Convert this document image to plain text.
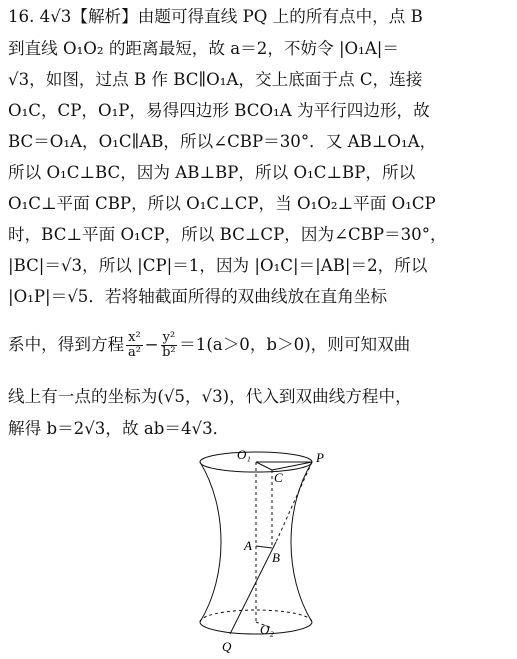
16. 4√3【解析】由题可得直线 PQ 上的所有点中，点 B
到直线 O₁O₂ 的距离最短，故 a＝2，不妨令 |O₁A|＝
√3，如图，过点 B 作 BC∥O₁A，交上底面于点 C，连接
O₁C，CP，O₁P，易得四边形 BCO₁A 为平行四边形，故
BC＝O₁A，O₁C∥AB，所以∠CBP＝30°．又 AB⊥O₁A，
所以 O₁C⊥BC，因为 AB⊥BP，所以 O₁C⊥BP，所以
O₁C⊥平面 CBP，所以 O₁C⊥CP，当 O₁O₂⊥平面 O₁CP
时，BC⊥平面 O₁CP，所以 BC⊥CP，因为∠CBP＝30°，
|BC|＝√3，所以 |CP|＝1，因为 |O₁C|＝|AB|＝2，所以
|O₁P|＝√5．若将轴截面所得的双曲线放在直角坐标
系中，得到方程 $\frac{\text{x²}}{\text{a²}} - \frac{\text{y²}}{\text{b²}} =1(a>0$，b＞0)，则可知双曲
线上有一点的坐标为(√5，√3)，代入到双曲线方程中，
解得 b＝2√3，故 ab＝4√3．
O₁	P
C
A
B
O₂
Q
